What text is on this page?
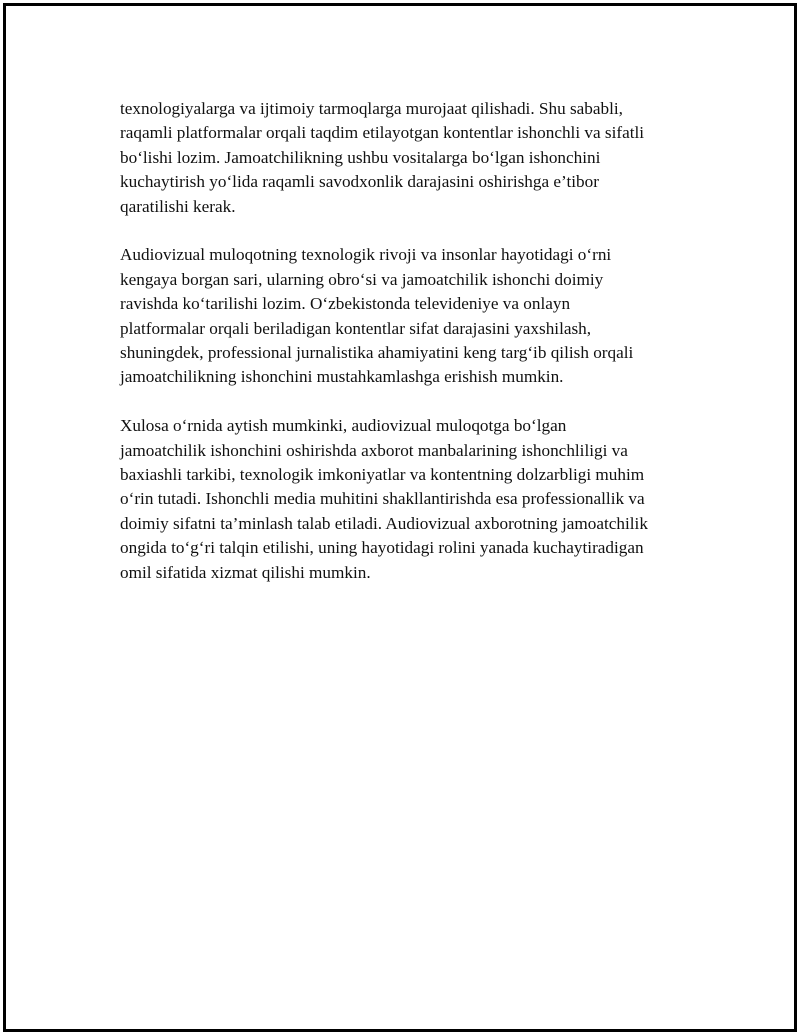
texnologiyalarga va ijtimoiy tarmoqlarga murojaat qilishadi. Shu sababli,
raqamli platformalar orqali taqdim etilayotgan kontentlar ishonchli va sifatli
bo‘lishi lozim. Jamoatchilikning ushbu vositalarga bo‘lgan ishonchini
kuchaytirish yo‘lida raqamli savodxonlik darajasini oshirishga e’tibor
qaratilishi kerak.

Audiovizual muloqotning texnologik rivoji va insonlar hayotidagi o‘rni
kengaya borgan sari, ularning obro‘si va jamoatchilik ishonchi doimiy
ravishda ko‘tarilishi lozim. O‘zbekistonda televideniye va onlayn
platformalar orqali beriladigan kontentlar sifat darajasini yaxshilash,
shuningdek, professional jurnalistika ahamiyatini keng targ‘ib qilish orqali
jamoatchilikning ishonchini mustahkamlashga erishish mumkin.

Xulosa o‘rnida aytish mumkinki, audiovizual muloqotga bo‘lgan
jamoatchilik ishonchini oshirishda axborot manbalarining ishonchliligi va
baxiashli tarkibi, texnologik imkoniyatlar va kontentning dolzarbligi muhim
o‘rin tutadi. Ishonchli media muhitini shakllantirishda esa professionallik va
doimiy sifatni ta’minlash talab etiladi. Audiovizual axborotning jamoatchilik
ongida to‘g‘ri talqin etilishi, uning hayotidagi rolini yanada kuchaytiradigan
omil sifatida xizmat qilishi mumkin.
